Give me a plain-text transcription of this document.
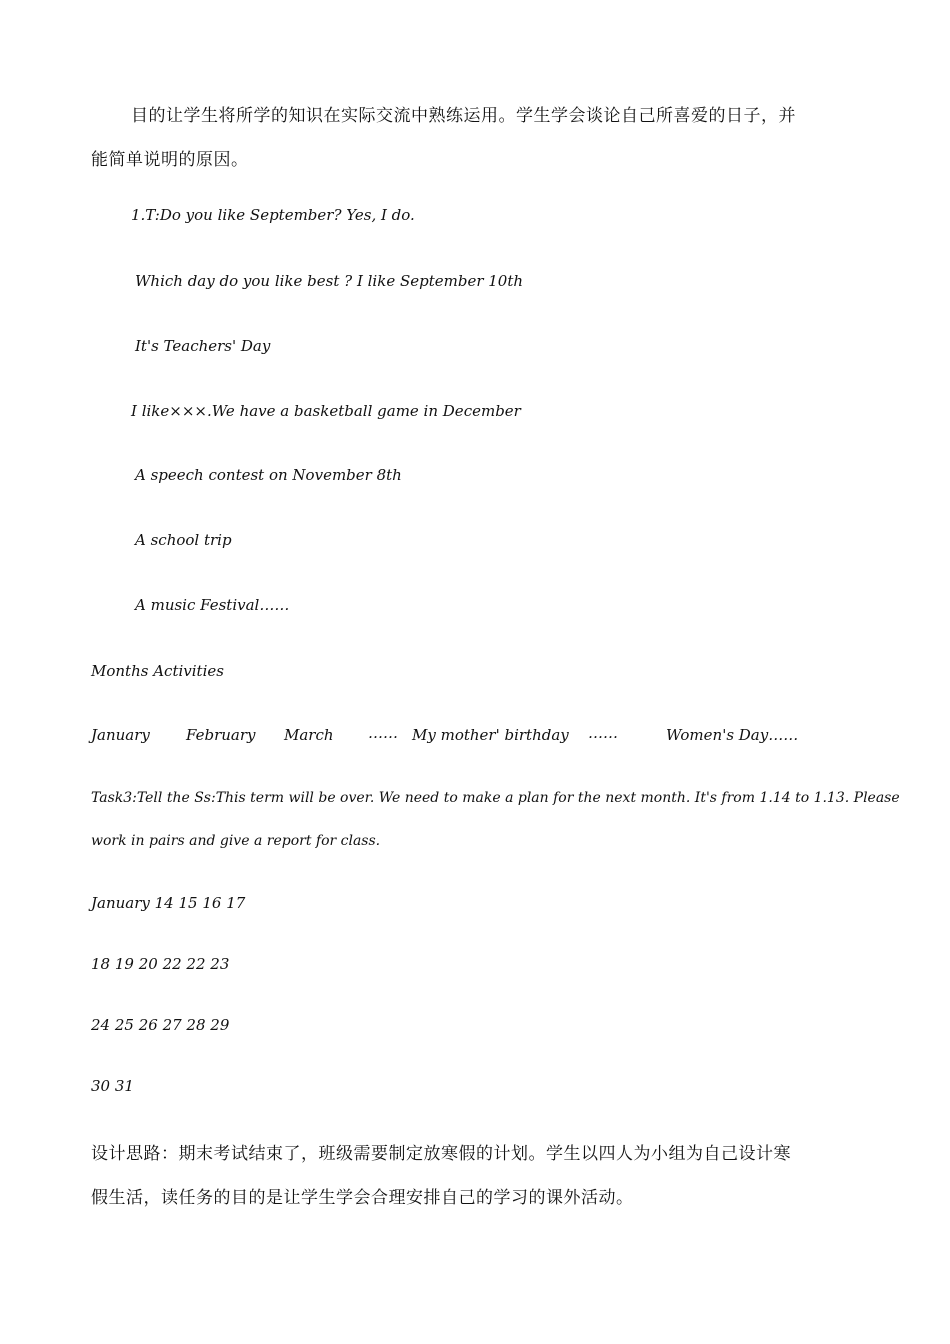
目的让学生将所学的知识在实际交流中熟练运用。学生学会谈论自己所喜爱的日子，并
能简单说明的原因。
1.T:Do you like September? Yes, I do.
Which day do you like best ? I like September 10th
It's Teachers' Day
I like×××.We have a basketball game in December
A speech contest on November 8th
A school trip
A music Festival……
Months Activities
January February March …… My mother' birthday ……	Women's Day……
Task3:Tell the Ss:This term will be over. We need to make a plan for the next month. It's from 1.14 to 1.13. Please
work in pairs and give a report for class.
January 14 15 16 17
18 19 20 22 22 23
24 25 26 27 28 29
30 31
设计思路：期末考试结束了，班级需要制定放寒假的计划。学生以四人为小组为自己设计寒
假生活，读任务的目的是让学生学会合理安排自己的学习的课外活动。
